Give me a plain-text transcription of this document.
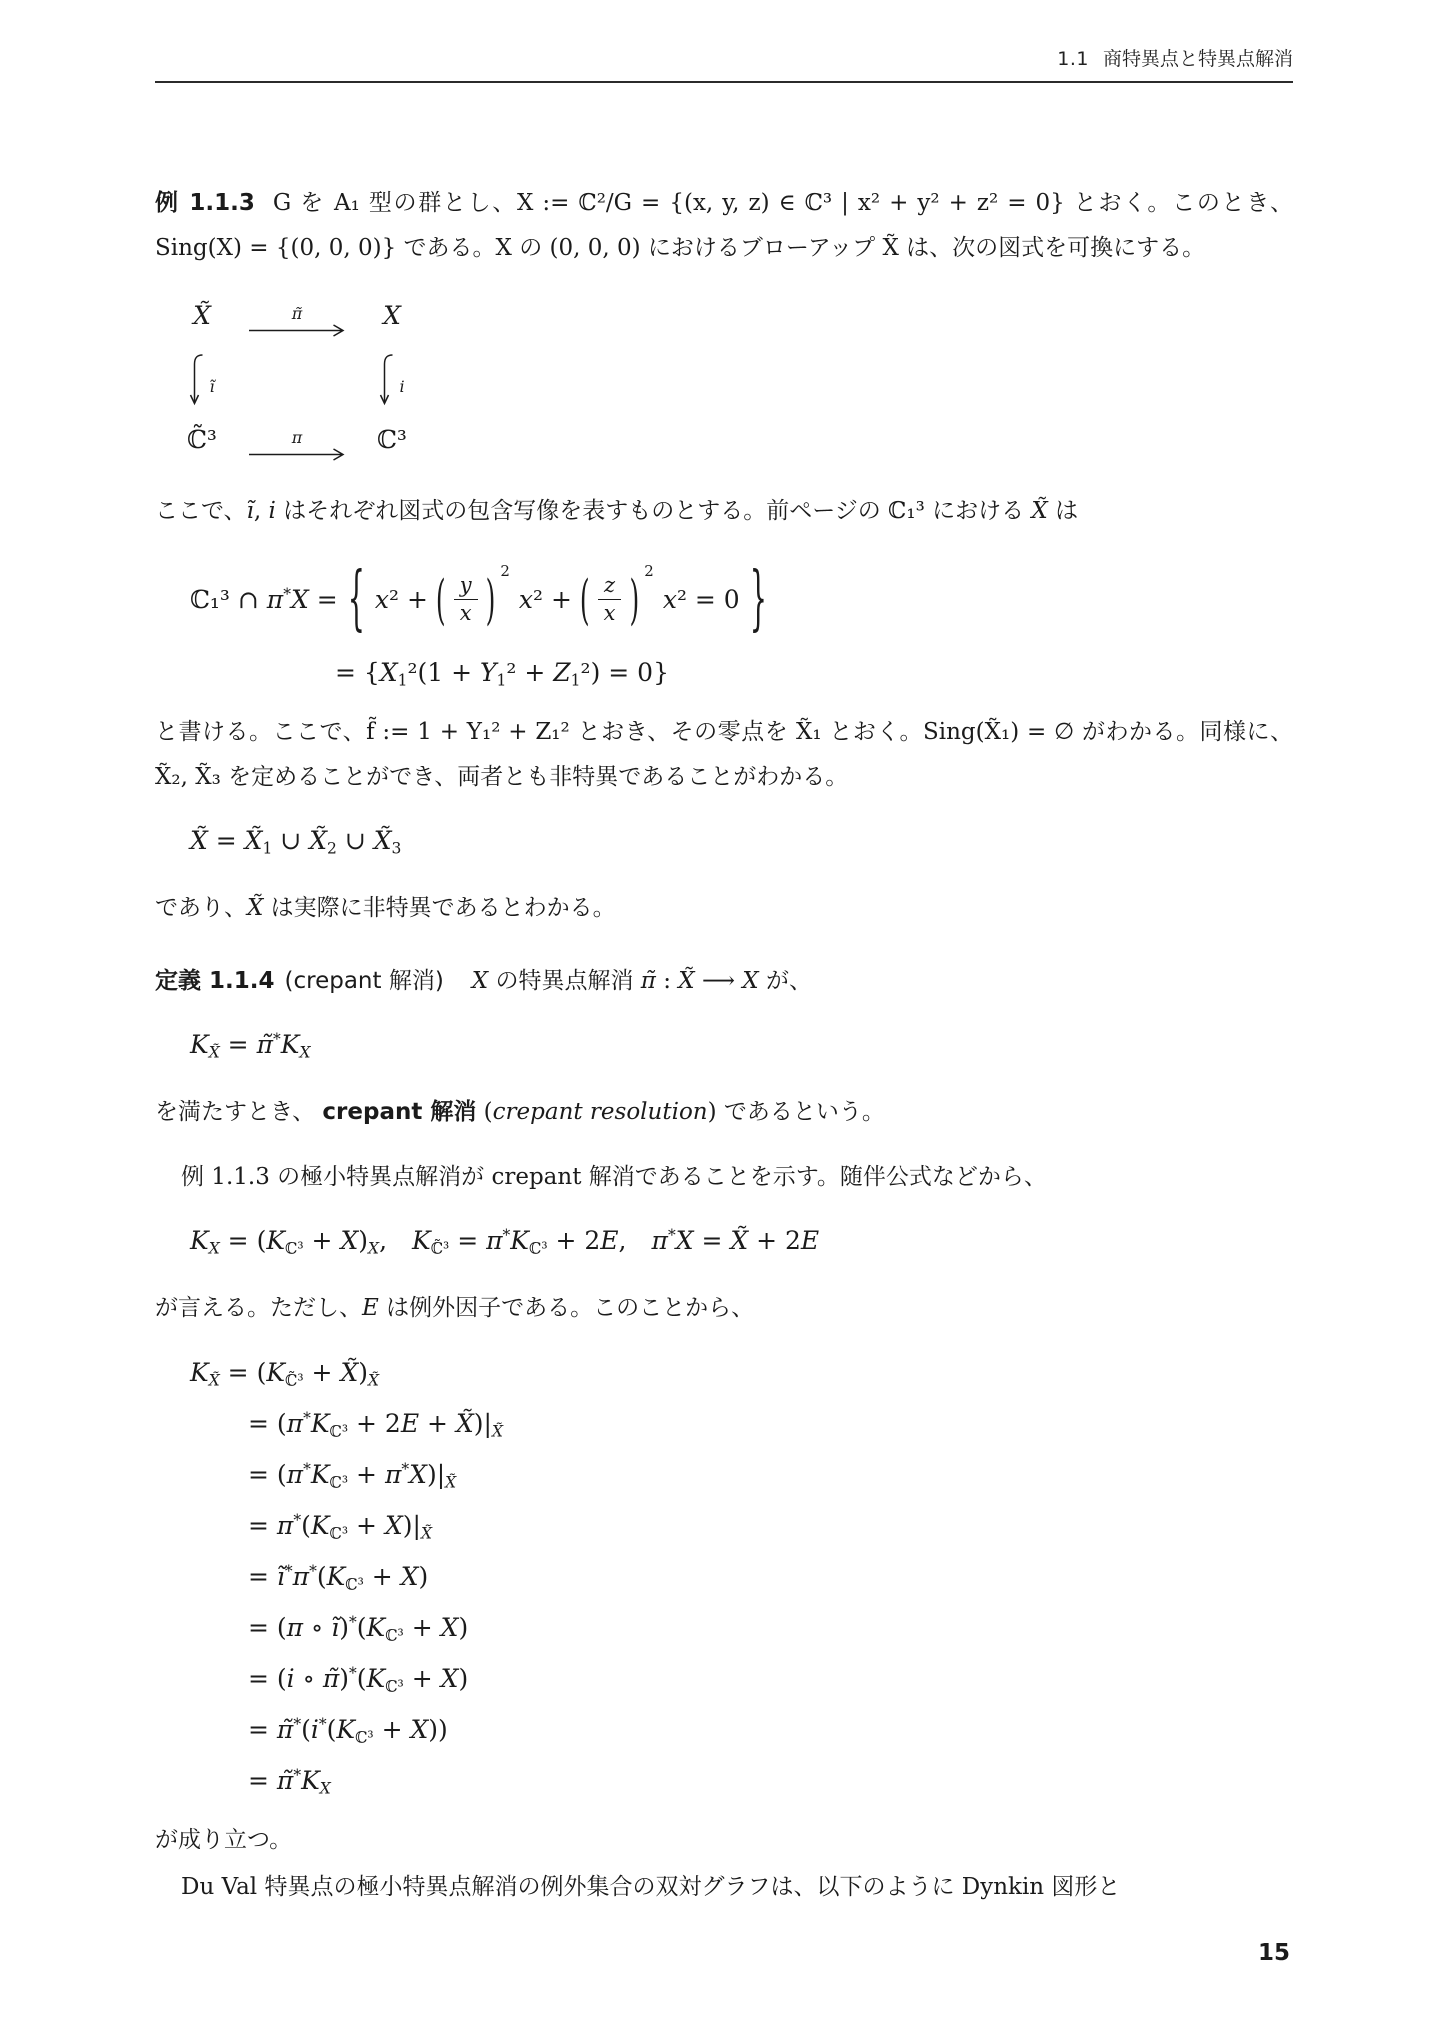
1.1 商特異点と特異点解消

例 1.1.3 G を A₁ 型の群とし、X := ℂ²/G = {(x, y, z) ∈ ℂ³ | x² + y² + z² = 0} とおく。このとき、Sing(X) = {(0, 0, 0)} である。X の (0, 0, 0) におけるブローアップ X̃ は、次の図式を可換にする。

X̃	π̃	X
ĩ	i
ℂ̃³	π	ℂ³

ここで、ĩ, i はそれぞれ図式の包含写像を表すものとする。前ページの ℂ₁³ における X̃ は

ℂ₁³ ∩ π*X = { x² + ( $\frac{y}{x}$ ) 2
x² + ( $\frac{z}{x}$ ) 2
x² = 0 }
= $\{X_1^2(1 + Y_1^2 + Z_1^2) = 0\}$

と書ける。ここで、f̃ := 1 + Y₁² + Z₁² とおき、その零点を X̃₁ とおく。Sing(X̃₁) = ∅ がわかる。同様に、X̃₂, X̃₃ を定めることができ、両者とも非特異であることがわかる。

X̃ = $X̃_1$ ∪ $X̃_2$ ∪ $X̃_3$

であり、X̃ は実際に非特異であるとわかる。

定義 1.1.4 (crepant 解消) X の特異点解消 π̃ : X̃ ⟶ X が、

$K_{X̃}$ = $\pĩ^*K_X$

を満たすとき、 crepant 解消 (crepant resolution) であるという。

例 1.1.3 の極小特異点解消が crepant 解消であることを示す。随伴公式などから、

$K_X = (K_{ℂ^3} + X)_X$, $K_{ℂ̃^3} = \pi^*K_{ℂ^3} + 2E$, π*X = X̃ + 2E

が言える。ただし、E は例外因子である。このことから、

$K_{X̃} = (K_{ℂ̃^3}$ + $X̃)_{X̃}$
= ($\pi^*K_{ℂ^3} + 2E$ + $X̃)|_{X̃}$
= $(\pi^*K_{ℂ^3} + \pi^*X)|_{X̃}$
= $\pi^*(K_{ℂ^3} + X)|_{X̃}$
= $ĩ^*\pi^*(K_{ℂ^3} + X)$
= (π ∘ $ĩ)^*(K_{ℂ^3} + X)$
= (i ∘ $\pĩ)^*(K_{ℂ^3} + X)$
= $\pĩ^*(i^*(K_{ℂ^3} + X))$
= $\pĩ^*K_X$

が成り立つ。

Du Val 特異点の極小特異点解消の例外集合の双対グラフは、以下のように Dynkin 図形と

15
